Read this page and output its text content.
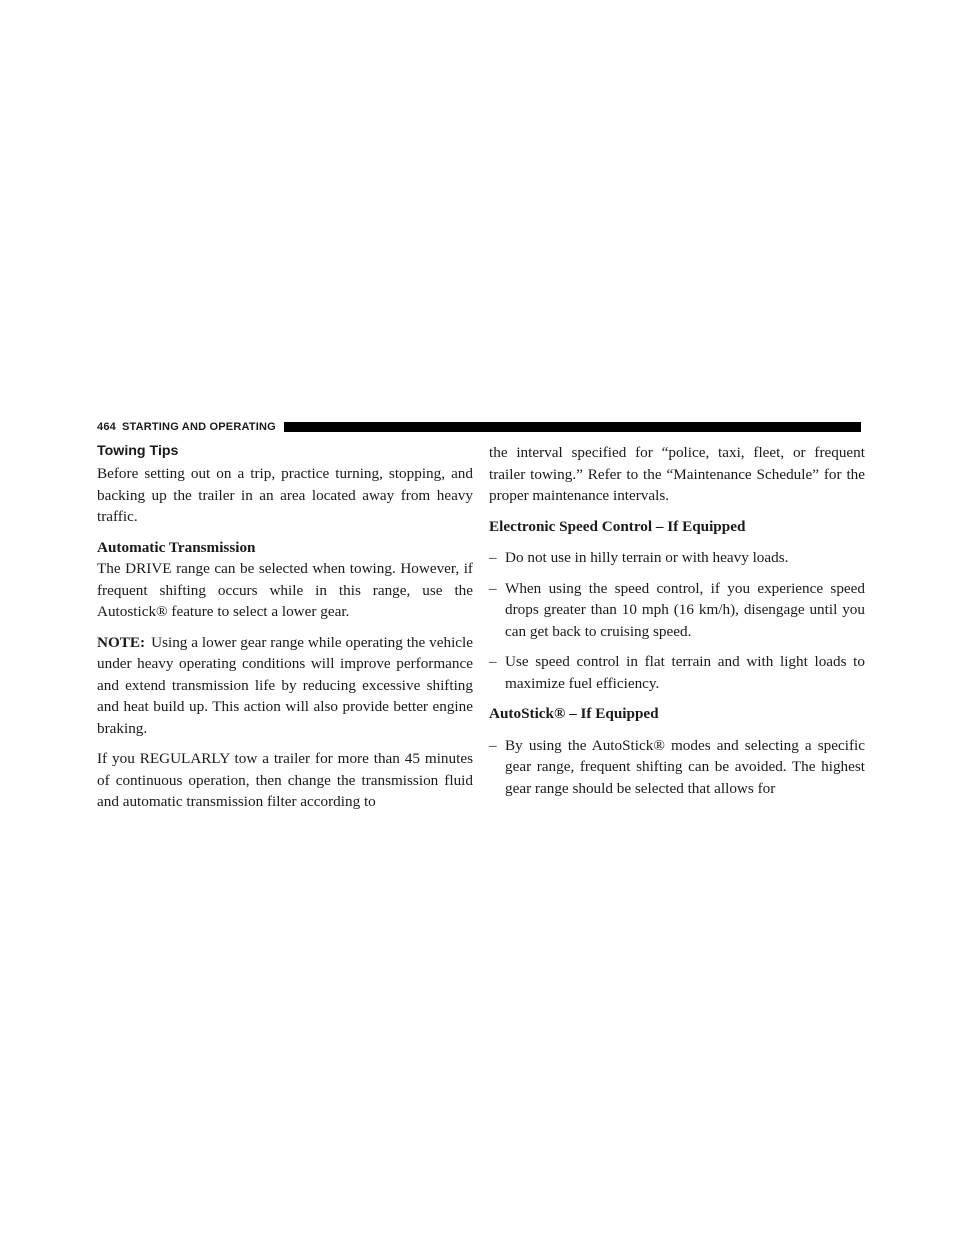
464 STARTING AND OPERATING
Towing Tips

Before setting out on a trip, practice turning, stopping, and backing up the trailer in an area located away from heavy traffic.

Automatic Transmission

The DRIVE range can be selected when towing. However, if frequent shifting occurs while in this range, use the Autostick® feature to select a lower gear.

NOTE: Using a lower gear range while operating the vehicle under heavy operating conditions will improve performance and extend transmission life by reducing excessive shifting and heat build up. This action will also provide better engine braking.

If you REGULARLY tow a trailer for more than 45 minutes of continuous operation, then change the transmission fluid and automatic transmission filter according to

the interval specified for “police, taxi, fleet, or frequent trailer towing.” Refer to the “Maintenance Schedule” for the proper maintenance intervals.

Electronic Speed Control – If Equipped
– Do not use in hilly terrain or with heavy loads.
– When using the speed control, if you experience speed drops greater than 10 mph (16 km/h), disengage until you can get back to cruising speed.
– Use speed control in flat terrain and with light loads to maximize fuel efficiency.
AutoStick® – If Equipped
– By using the AutoStick® modes and selecting a specific gear range, frequent shifting can be avoided. The highest gear range should be selected that allows for
